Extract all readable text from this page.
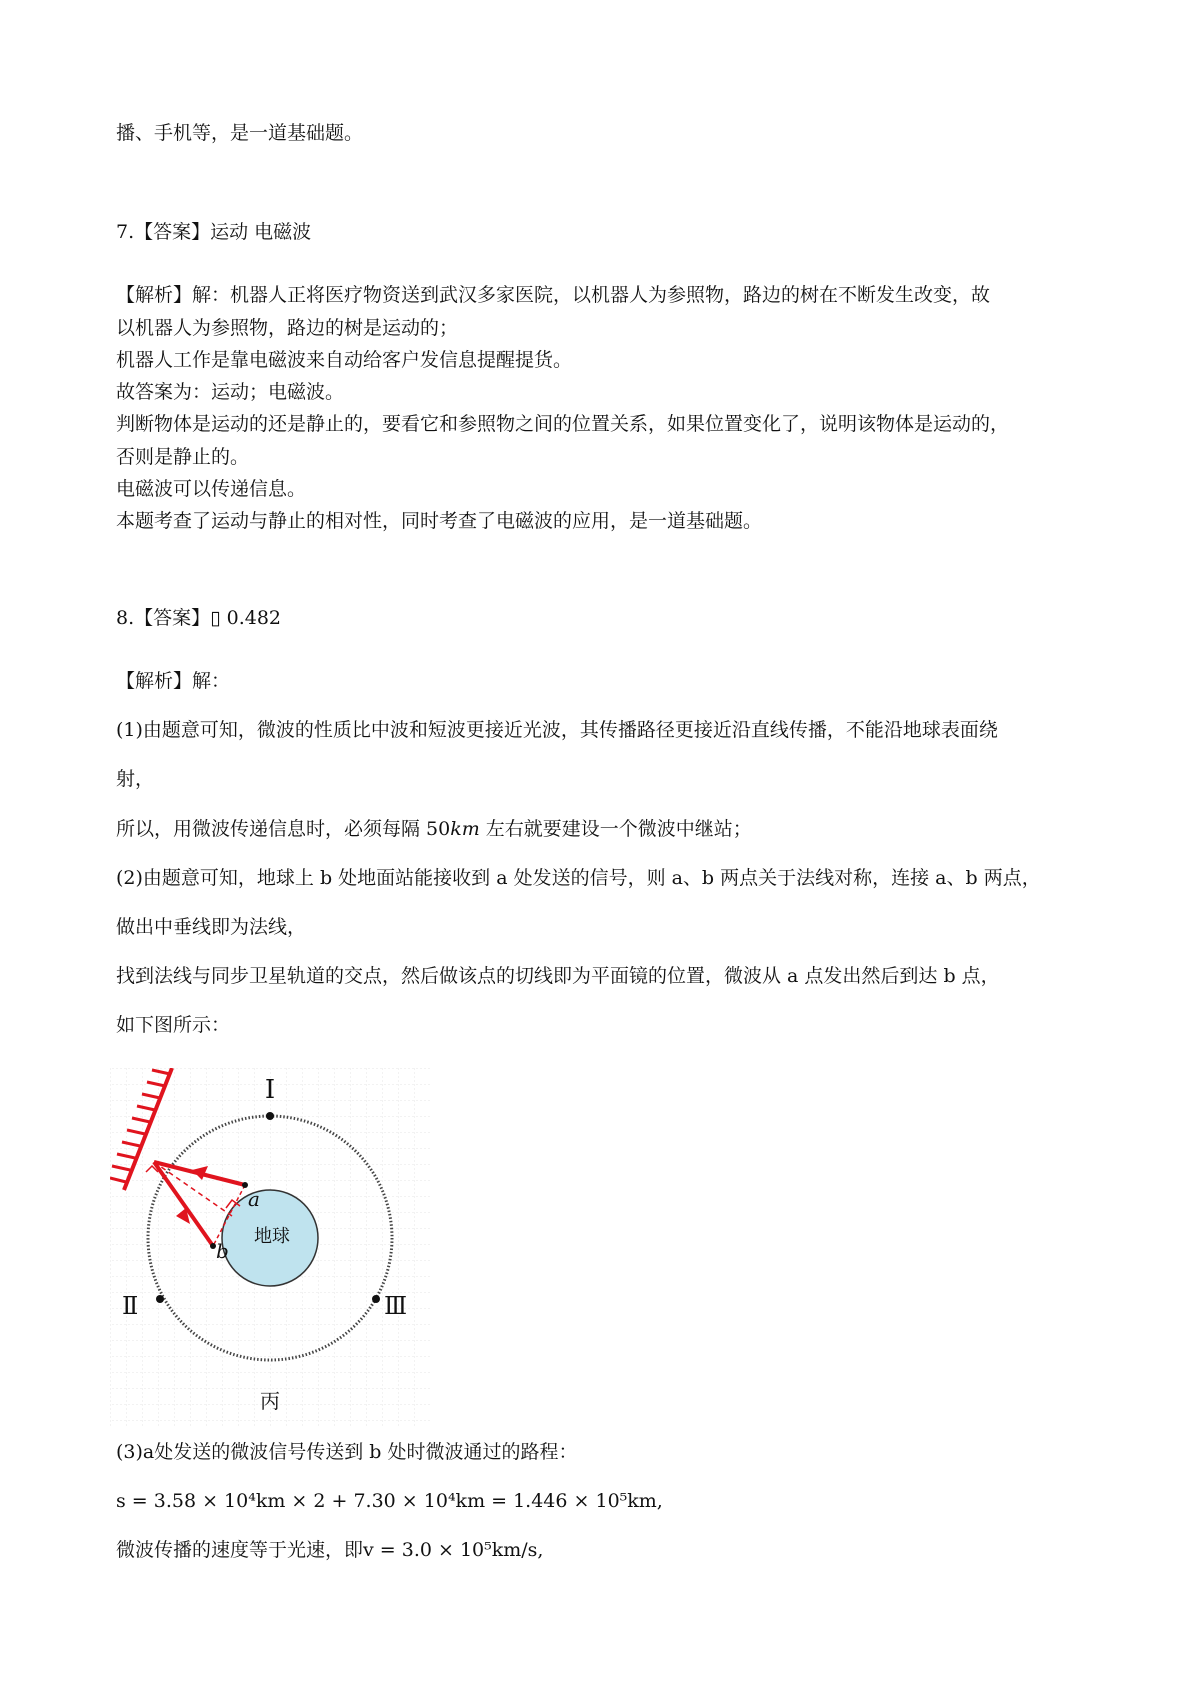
播、手机等，是一道基础题。
7.【答案】运动 电磁波
【解析】解：机器人正将医疗物资送到武汉多家医院，以机器人为参照物，路边的树在不断发生改变，故
以机器人为参照物，路边的树是运动的；
机器人工作是靠电磁波来自动给客户发信息提醒提货。
故答案为：运动；电磁波。
判断物体是运动的还是静止的，要看它和参照物之间的位置关系，如果位置变化了，说明该物体是运动的，
否则是静止的。
电磁波可以传递信息。
本题考查了运动与静止的相对性，同时考查了电磁波的应用，是一道基础题。
8.【答案】▯ 0.482
【解析】解：
(1)由题意可知，微波的性质比中波和短波更接近光波，其传播路径更接近沿直线传播，不能沿地球表面绕
射，
所以，用微波传递信息时，必须每隔 50km 左右就要建设一个微波中继站；
(2)由题意可知，地球上 b 处地面站能接收到 a 处发送的信号，则 a、b 两点关于法线对称，连接 a、b 两点，
做出中垂线即为法线，
找到法线与同步卫星轨道的交点，然后做该点的切线即为平面镜的位置，微波从 a 点发出然后到达 b 点，
如下图所示：
Ⅰ
Ⅱ	Ⅲ
a
b
地球
丙
(3)a处发送的微波信号传送到 b 处时微波通过的路程：
s = 3.58 × 10⁴km × 2 + 7.30 × 10⁴km = 1.446 × 10⁵km,
微波传播的速度等于光速，即v = 3.0 × 10⁵km/s,
